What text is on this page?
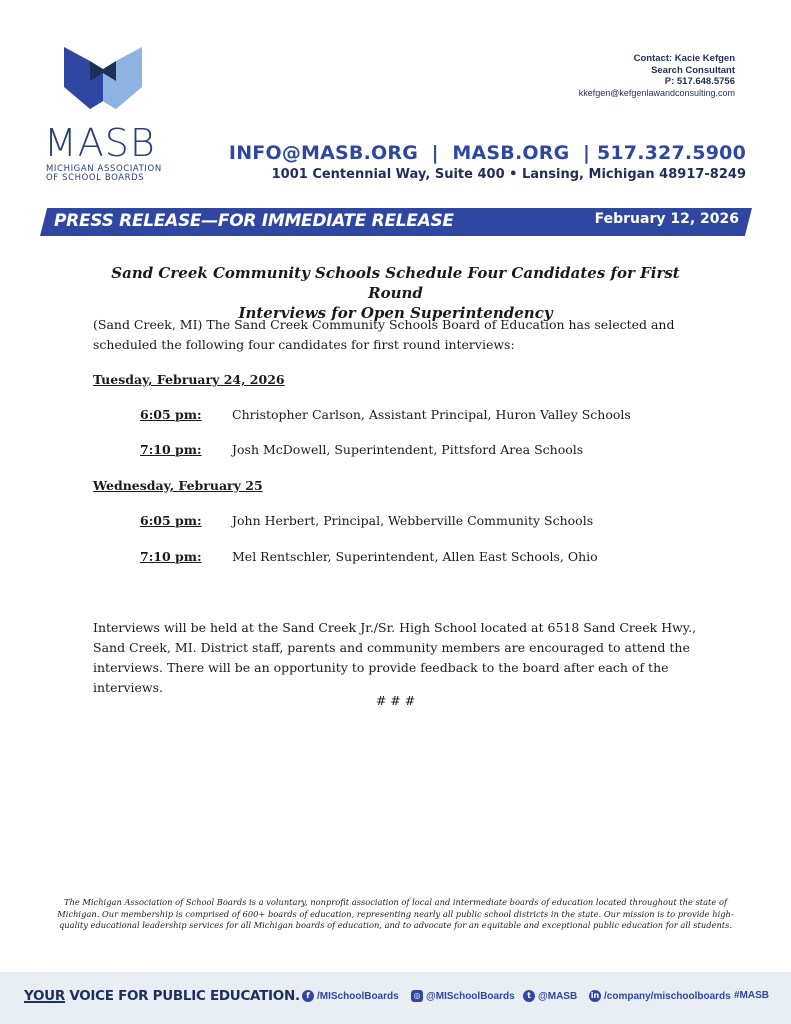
MASB
MICHIGAN ASSOCIATION
OF SCHOOL BOARDS
Contact: Kacie Kefgen
Search Consultant
P: 517.648.5756
kkefgen@kefgenlawandconsulting.com
INFO@MASB.ORG  |  MASB.ORG  | 517.327.5900
1001 Centennial Way, Suite 400 • Lansing, Michigan 48917-8249
PRESS RELEASE—FOR IMMEDIATE RELEASE	February 12, 2026
Sand Creek Community Schools Schedule Four Candidates for First Round
Interviews for Open Superintendency
(Sand Creek, MI) The Sand Creek Community Schools Board of Education has selected and scheduled the following four candidates for first round interviews:
Tuesday, February 24, 2026
6:05 pm: Christopher Carlson, Assistant Principal, Huron Valley Schools
7:10 pm: Josh McDowell, Superintendent, Pittsford Area Schools
Wednesday, February 25
6:05 pm: John Herbert, Principal, Webberville Community Schools
7:10 pm: Mel Rentschler, Superintendent, Allen East Schools, Ohio
Interviews will be held at the Sand Creek Jr./Sr. High School located at 6518 Sand Creek Hwy., Sand Creek, MI. District staff, parents and community members are encouraged to attend the interviews. There will be an opportunity to provide feedback to the board after each of the interviews.
# # #
The Michigan Association of School Boards is a voluntary, nonprofit association of local and intermediate boards of education located throughout the state of Michigan. Our membership is comprised of 600+ boards of education, representing nearly all public school districts in the state. Our mission is to provide high-quality educational leadership services for all Michigan boards of education, and to advocate for an equitable and exceptional public education for all students.
YOUR VOICE FOR PUBLIC EDUCATION. f /MISchoolBoards	◎ @MISchoolBoards	t @MASB in /company/mischoolboards #MASB
